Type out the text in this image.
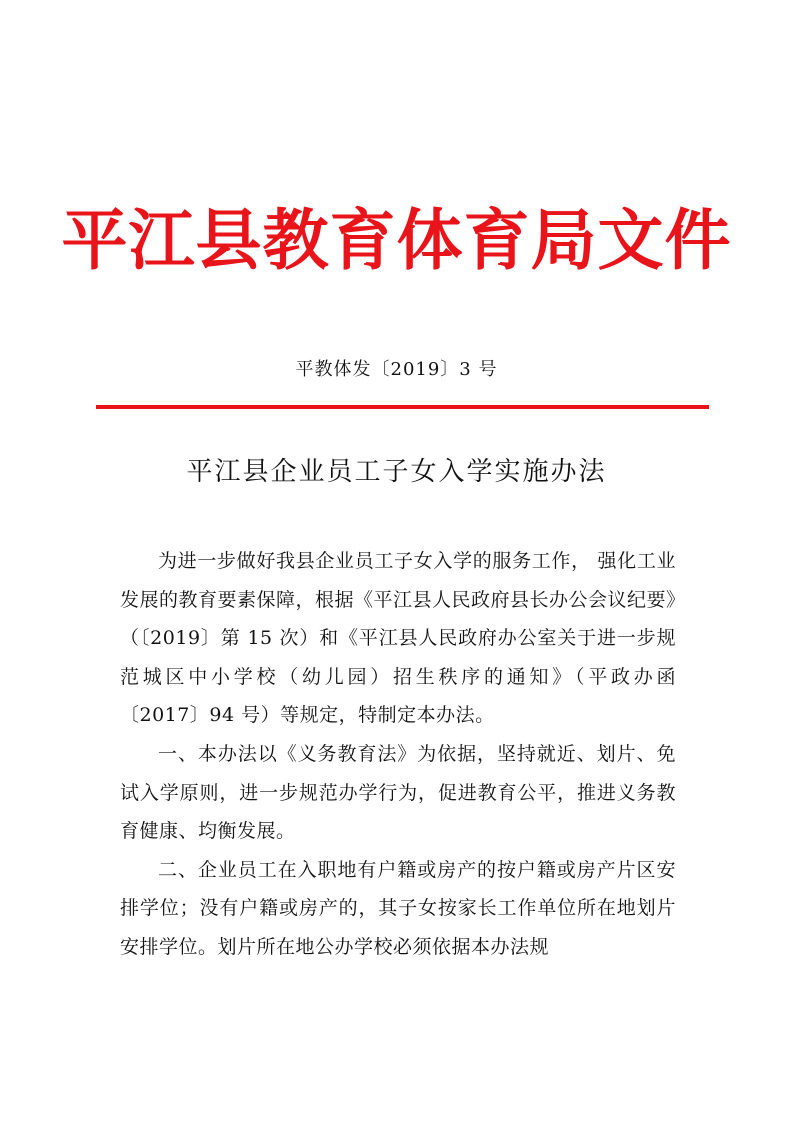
平江县教育体育局文件
平教体发〔2019〕3 号
平江县企业员工子女入学实施办法

为进一步做好我县企业员工子女入学的服务工作， 强化工业发展的教育要素保障，根据《平江县人民政府县长办公会议纪要》（〔2019〕第 15 次）和《平江县人民政府办公室关于进一步规范城区中小学校（幼儿园）招生秩序的通知》（平政办函〔2017〕94 号）等规定，特制定本办法。

一、本办法以《义务教育法》为依据，坚持就近、划片、免试入学原则，进一步规范办学行为，促进教育公平，推进义务教育健康、均衡发展。

二、企业员工在入职地有户籍或房产的按户籍或房产片区安排学位；没有户籍或房产的，其子女按家长工作单位所在地划片安排学位。划片所在地公办学校必须依据本办法规
